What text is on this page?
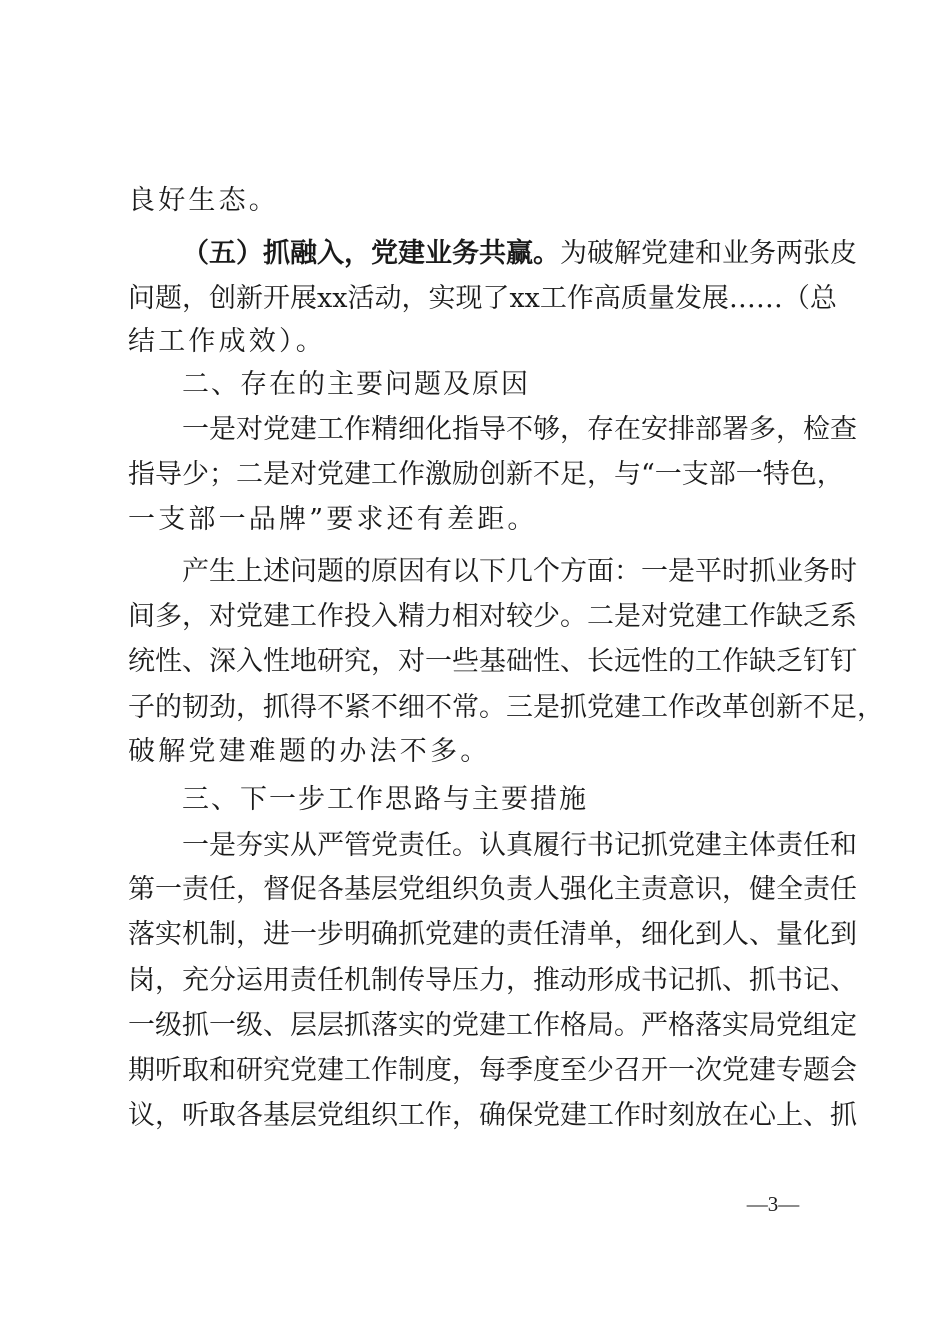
良好生态。
（五）抓融入，党建业务共赢。为破解党建和业务两张皮
问题，创新开展xx活动，实现了xx工作高质量发展……（总
结工作成效）。
二、存在的主要问题及原因
一是对党建工作精细化指导不够，存在安排部署多，检查
指导少；二是对党建工作激励创新不足，与“一支部一特色，
一支部一品牌”要求还有差距。
产生上述问题的原因有以下几个方面：一是平时抓业务时
间多，对党建工作投入精力相对较少。二是对党建工作缺乏系
统性、深入性地研究，对一些基础性、长远性的工作缺乏钉钉
子的韧劲，抓得不紧不细不常。三是抓党建工作改革创新不足，
破解党建难题的办法不多。
三、下一步工作思路与主要措施
一是夯实从严管党责任。认真履行书记抓党建主体责任和
第一责任，督促各基层党组织负责人强化主责意识，健全责任
落实机制，进一步明确抓党建的责任清单，细化到人、量化到
岗，充分运用责任机制传导压力，推动形成书记抓、抓书记、
一级抓一级、层层抓落实的党建工作格局。严格落实局党组定
期听取和研究党建工作制度，每季度至少召开一次党建专题会
议，听取各基层党组织工作，确保党建工作时刻放在心上、抓
—3—
